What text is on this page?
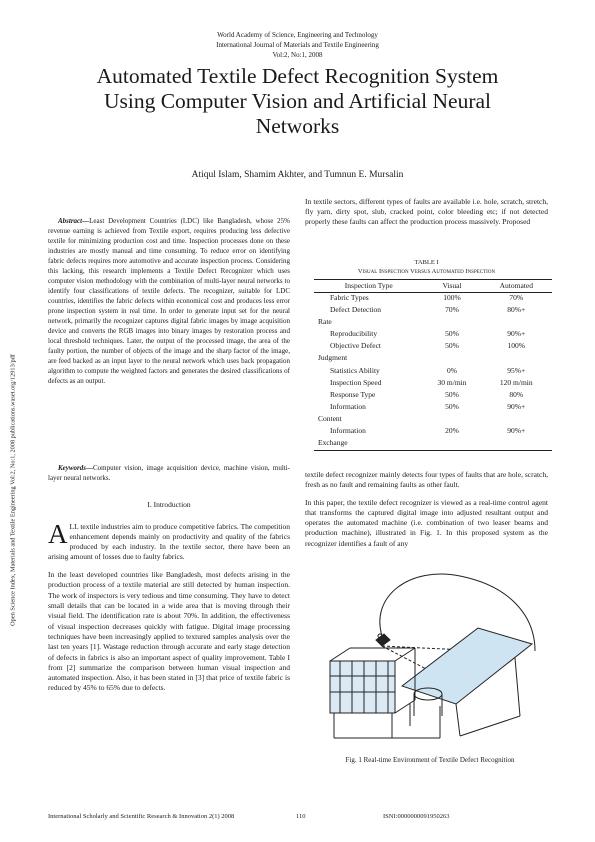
World Academy of Science, Engineering and Technology
International Journal of Materials and Textile Engineering
Vol:2, No:1, 2008
Automated Textile Defect Recognition System
Using Computer Vision and Artificial Neural
Networks
Atiqul Islam, Shamim Akhter, and Tumnun E. Mursalin
Open Science Index, Materials and Textile Engineering Vol:2, No:1, 2008 publications.waset.org/12913/pdf

Abstract—Least Development Countries (LDC) like Bangladesh, whose 25% revenue earning is achieved from Textile export, requires producing less defective textile for minimizing production cost and time. Inspection processes done on these industries are mostly manual and time consuming. To reduce error on identifying fabric defects requires more automotive and accurate inspection process. Considering this lacking, this research implements a Textile Defect Recognizer which uses computer vision methodology with the combination of multi-layer neural networks to identify four classifications of textile defects. The recognizer, suitable for LDC countries, identifies the fabric defects within economical cost and produces less error prone inspection system in real time. In order to generate input set for the neural network, primarily the recognizer captures digital fabric images by image acquisition device and converts the RGB images into binary images by restoration process and local threshold techniques. Later, the output of the processed image, the area of the faulty portion, the number of objects of the image and the sharp factor of the image, are feed backed as an input layer to the neural network which uses back propagation algorithm to compute the weighted factors and generates the desired classifications of defects as an output.

Keywords—Computer vision, image acquisition device, machine vision, multi-layer neural networks.

I. Introduction

ALL textile industries aim to produce competitive fabrics. The competition enhancement depends mainly on productivity and quality of the fabrics produced by each industry. In the textile sector, there have been an arising amount of losses due to faulty fabrics.

In the least developed countries like Bangladesh, most defects arising in the production process of a textile material are still detected by human inspection. The work of inspectors is very tedious and time consuming. They have to detect small details that can be located in a wide area that is moving through their visual field. The identification rate is about 70%. In addition, the effectiveness of visual inspection decreases quickly with fatigue. Digital image processing techniques have been increasingly applied to textured samples analysis over the last ten years [1]. Wastage reduction through accurate and early stage detection of defects in fabrics is also an important aspect of quality improvement. Table I from [2] summarize the comparison between human visual inspection and automated inspection. Also, it has been stated in [3] that price of textile fabric is reduced by 45% to 65% due to defects.

In textile sectors, different types of faults are available i.e. hole, scratch, stretch, fly yarn, dirty spot, slub, cracked point, color bleeding etc; if not detected properly these faults can affect the production process massively. Proposed

TABLE I
Visual Inspection Versus Automated Inspection
Inspection Type	Visual	Automated
Fabric Types	100%	70%
Defect Detection	70%	80%+
Rate		
Reproducibility	50%	90%+
Objective Defect	50%	100%
Judgment		
Statistics Ability	0%	95%+
Inspection Speed	30 m/min	120 m/min
Response Type	50%	80%
Information	50%	90%+
Content		
Information	20%	90%+
Exchange		

textile defect recognizer mainly detects four types of faults that are hole, scratch, fresh as no fault and remaining faults as other fault.

In this paper, the textile defect recognizer is viewed as a real-time control agent that transforms the captured digital image into adjusted resultant output and operates the automated machine (i.e. combination of two leaser beams and production machine), illustrated in Fig. 1. In this proposed system as the recognizer identifies a fault of any

Fig. 1 Real-time Environment of Textile Defect Recognition
International Scholarly and Scientific Research & Innovation 2(1) 2008	110	ISNI:0000000091950263
